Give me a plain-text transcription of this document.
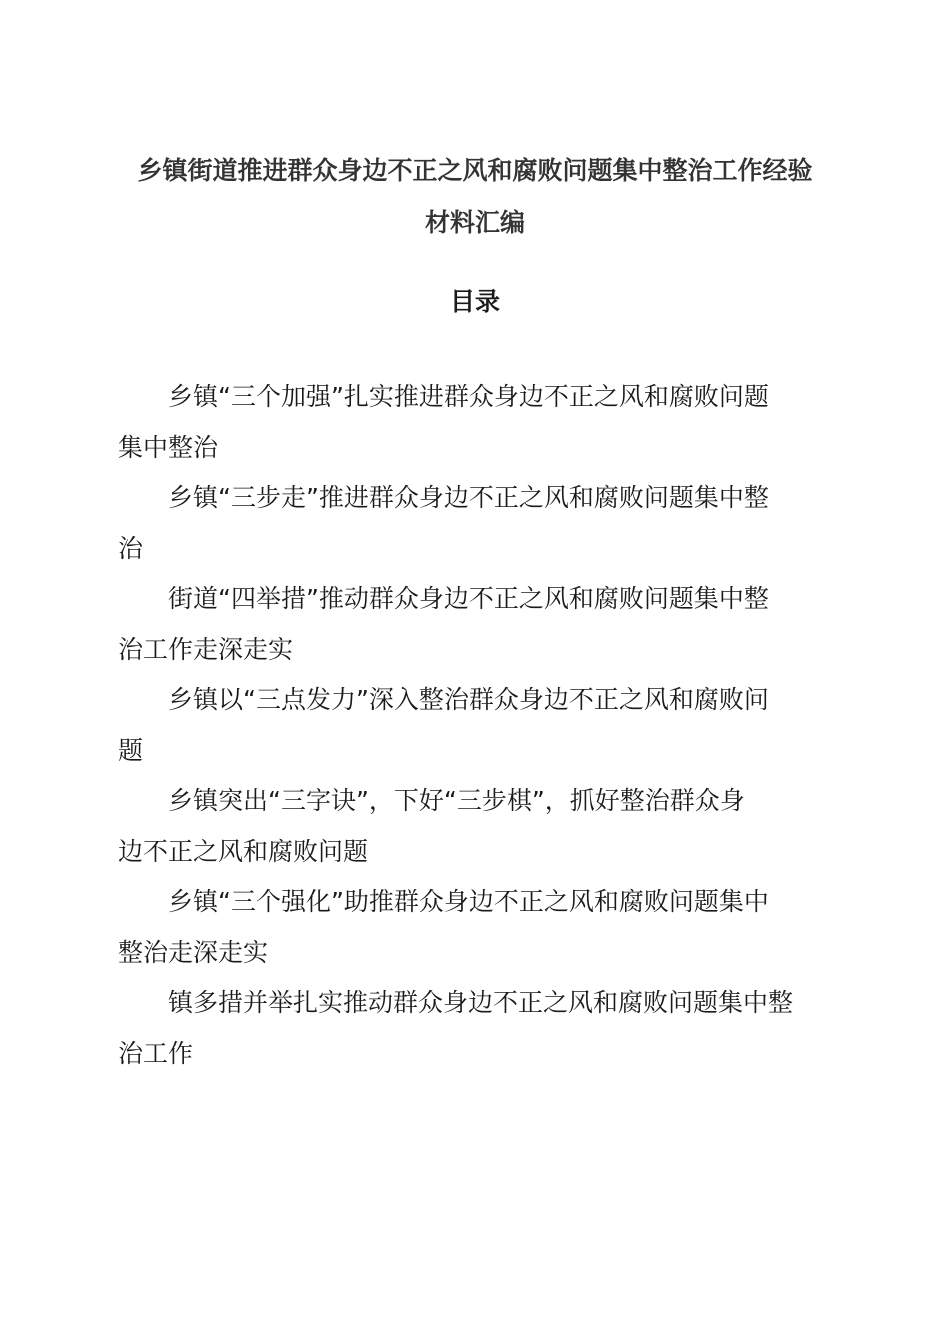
乡镇街道推进群众身边不正之风和腐败问题集中整治工作经验
材料汇编
目录
乡镇“三个加强”扎实推进群众身边不正之风和腐败问题
集中整治
乡镇“三步走”推进群众身边不正之风和腐败问题集中整
治
街道“四举措”推动群众身边不正之风和腐败问题集中整
治工作走深走实
乡镇以“三点发力”深入整治群众身边不正之风和腐败问
题
乡镇突出“三字诀”，下好“三步棋”，抓好整治群众身
边不正之风和腐败问题
乡镇“三个强化”助推群众身边不正之风和腐败问题集中
整治走深走实
镇多措并举扎实推动群众身边不正之风和腐败问题集中整
治工作
